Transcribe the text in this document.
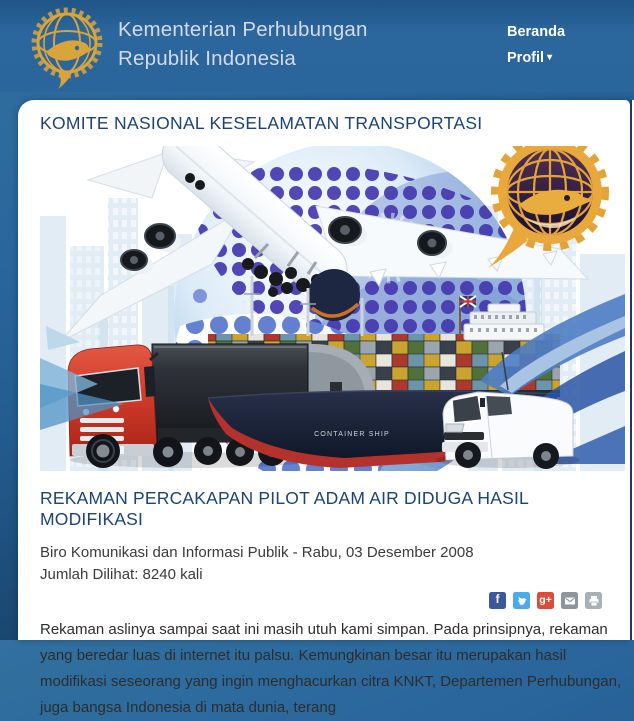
Kementerian Perhubungan
Republik Indonesia
Beranda
Profil ▾
KOMITE NASIONAL KESELAMATAN TRANSPORTASI
CONTAINER SHIP
REKAMAN PERCAKAPAN PILOT ADAM AIR DIDUGA HASIL MODIFIKASI

Biro Komunikasi dan Informasi Publik - Rabu, 03 Desember 2008

Jumlah Dilihat: 8240 kali

f	g+

Rekaman aslinya sampai saat ini masih utuh kami simpan. Pada prinsipnya, rekaman yang beredar luas di internet itu palsu. Kemungkinan besar itu merupakan hasil modifikasi seseorang yang ingin menghacurkan citra KNKT, Departemen Perhubungan, juga bangsa Indonesia di mata dunia, terang
